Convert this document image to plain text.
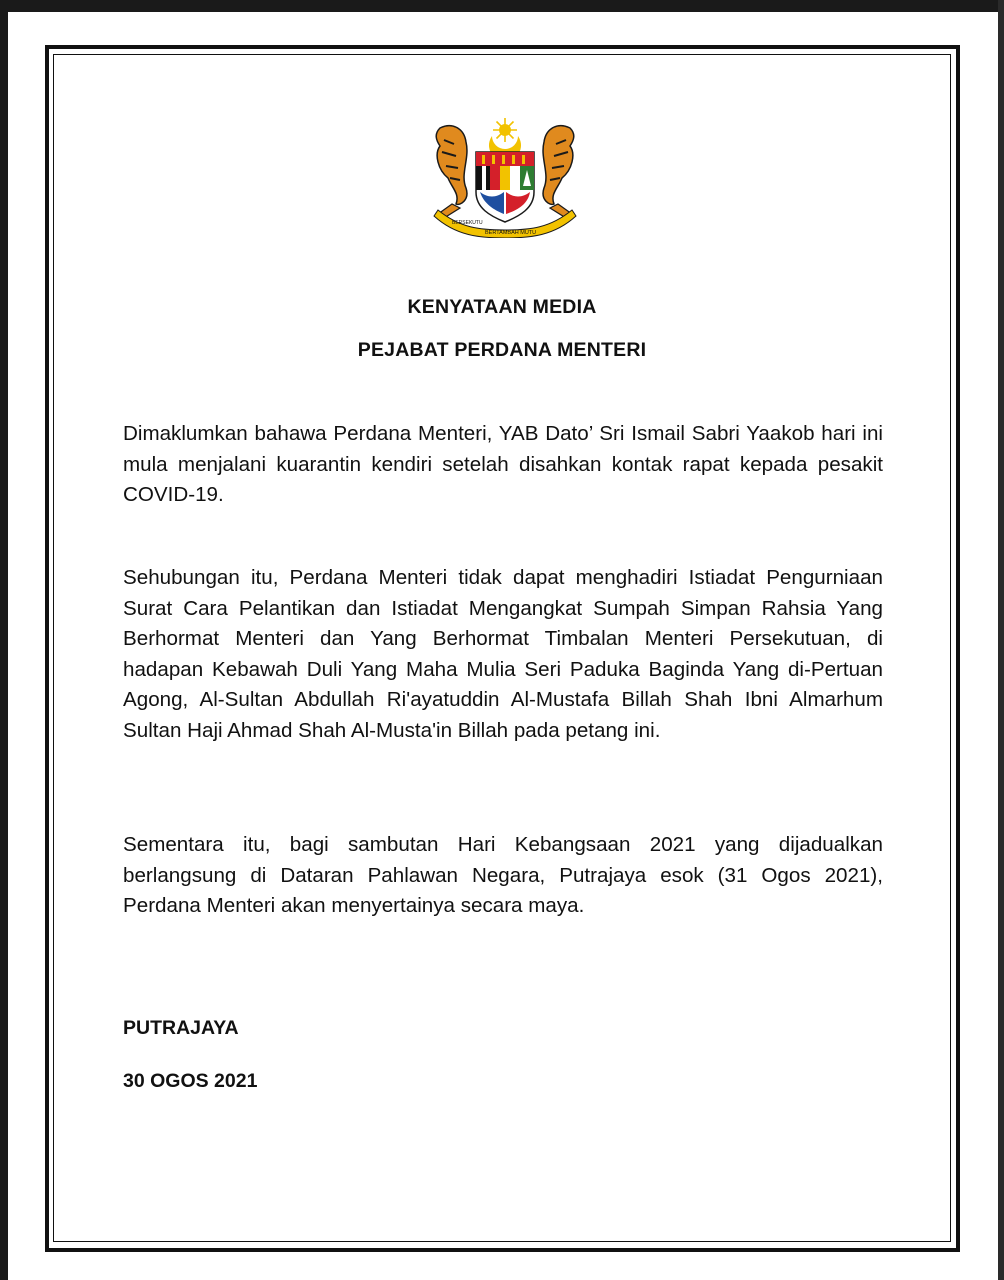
BERSEKUTU
BERTAMBAH MUTU
KENYATAAN MEDIA
PEJABAT PERDANA MENTERI

Dimaklumkan bahawa Perdana Menteri, YAB Dato’ Sri Ismail Sabri Yaakob hari ini mula menjalani kuarantin kendiri setelah disahkan kontak rapat kepada pesakit COVID-19.

Sehubungan itu, Perdana Menteri tidak dapat menghadiri Istiadat Pengurniaan Surat Cara Pelantikan dan Istiadat Mengangkat Sumpah Simpan Rahsia Yang Berhormat Menteri dan Yang Berhormat Timbalan Menteri Persekutuan, di hadapan Kebawah Duli Yang Maha Mulia Seri Paduka Baginda Yang di-Pertuan Agong, Al-Sultan Abdullah Ri'ayatuddin Al-Mustafa Billah Shah Ibni Almarhum Sultan Haji Ahmad Shah Al-Musta'in Billah pada petang ini.

Sementara itu, bagi sambutan Hari Kebangsaan 2021 yang dijadualkan berlangsung di Dataran Pahlawan Negara, Putrajaya esok (31 Ogos 2021), Perdana Menteri akan menyertainya secara maya.

PUTRAJAYA
30 OGOS 2021
